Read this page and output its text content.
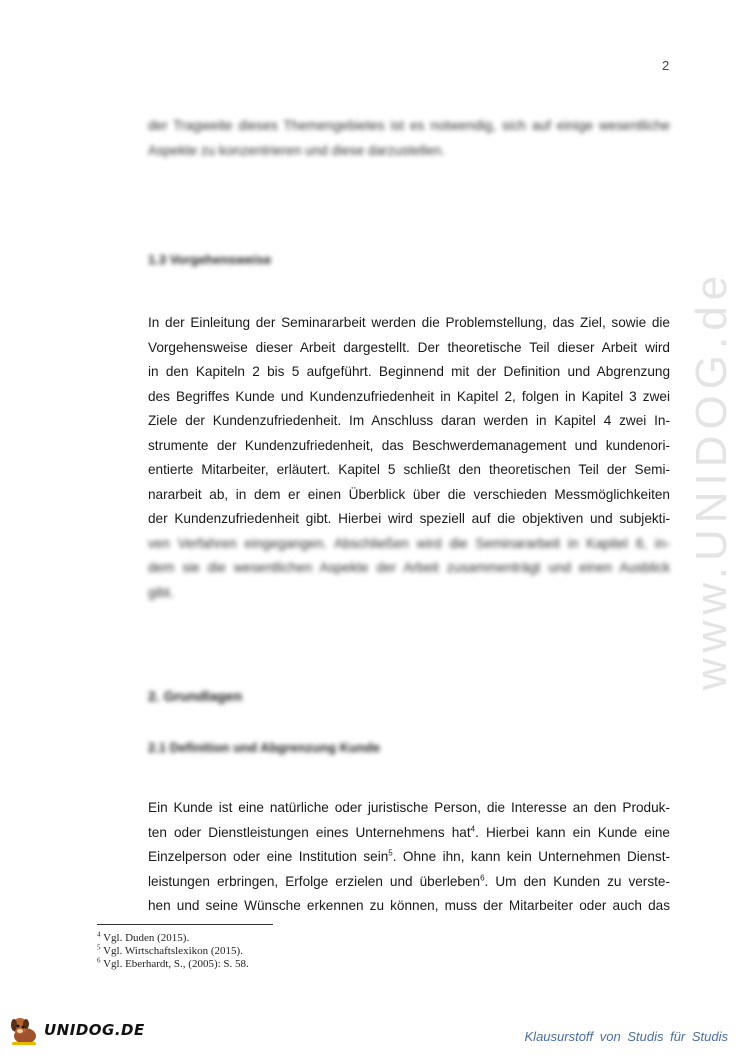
2
www.UNIDOG.de

der Tragweite dieses Themengebietes ist es notwendig, sich auf einige wesentliche

Aspekte zu konzentrieren und diese darzustellen.

1.3 Vorgehensweise

In der Einleitung der Seminararbeit werden die Problemstellung, das Ziel, sowie die

Vorgehensweise dieser Arbeit dargestellt. Der theoretische Teil dieser Arbeit wird

in den Kapiteln 2 bis 5 aufgeführt. Beginnend mit der Definition und Abgrenzung

des Begriffes Kunde und Kundenzufriedenheit in Kapitel 2, folgen in Kapitel 3 zwei

Ziele der Kundenzufriedenheit. Im Anschluss daran werden in Kapitel 4 zwei In-

strumente der Kundenzufriedenheit, das Beschwerdemanagement und kundenori-

entierte Mitarbeiter, erläutert. Kapitel 5 schließt den theoretischen Teil der Semi-

nararbeit ab, in dem er einen Überblick über die verschieden Messmöglichkeiten

der Kundenzufriedenheit gibt. Hierbei wird speziell auf die objektiven und subjekti-

ven Verfahren eingegangen. Abschließen wird die Seminararbeit in Kapitel 6, in-

dem sie die wesentlichen Aspekte der Arbeit zusammenträgt und einen Ausblick

gibt.

2. Grundlagen
2.1 Definition und Abgrenzung Kunde

Ein Kunde ist eine natürliche oder juristische Person, die Interesse an den Produk-

ten oder Dienstleistungen eines Unternehmens hat$^4$. Hierbei kann ein Kunde eine

Einzelperson oder eine Institution sein$^5$. Ohne ihn, kann kein Unternehmen Dienst-

leistungen erbringen, Erfolge erzielen und überleben$^6$. Um den Kunden zu verste-

hen und seine Wünsche erkennen zu können, muss der Mitarbeiter oder auch das

$^4$ Vgl. Duden (2015).
$^5$ Vgl. Wirtschaftslexikon (2015).
$^6$ Vgl. Eberhardt, S., (2005): S. 58.
UNIDOG.DE	Klausurstoff von Studis für Studis
